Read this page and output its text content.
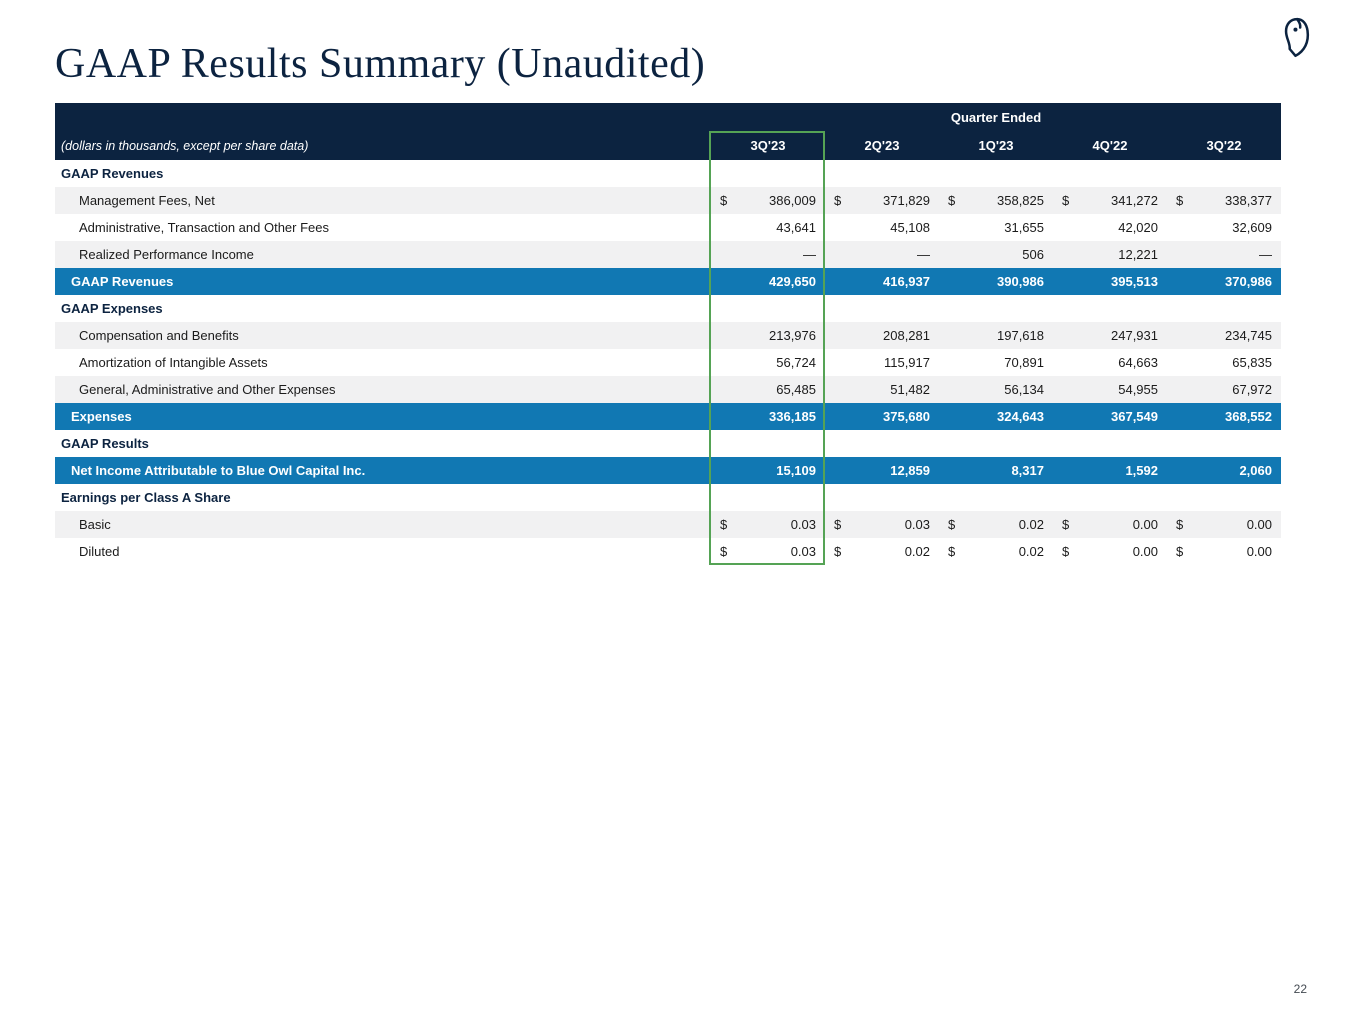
GAAP Results Summary (Unaudited)
Quarter Ended
(dollars in thousands, except per share data)	3Q'23	2Q'23	1Q'23	4Q'22	3Q'22
GAAP Revenues
Management Fees, Net	$	386,009 $	371,829 $	358,825 $	341,272 $	338,377
Administrative, Transaction and Other Fees	43,641	45,108	31,655	42,020	32,609
Realized Performance Income	—	—	506	12,221	—
GAAP Revenues	429,650	416,937	390,986	395,513	370,986
GAAP Expenses
Compensation and Benefits	213,976	208,281	197,618	247,931	234,745
Amortization of Intangible Assets	56,724	115,917	70,891	64,663	65,835
General, Administrative and Other Expenses	65,485	51,482	56,134	54,955	67,972
Expenses	336,185	375,680	324,643	367,549	368,552
GAAP Results
Net Income Attributable to Blue Owl Capital Inc.	15,109	12,859	8,317	1,592	2,060
Earnings per Class A Share
Basic	$	0.03 $	0.03 $	0.02 $	0.00 $	0.00
Diluted	$	0.03 $	0.02 $	0.02 $	0.00 $	0.00
22
